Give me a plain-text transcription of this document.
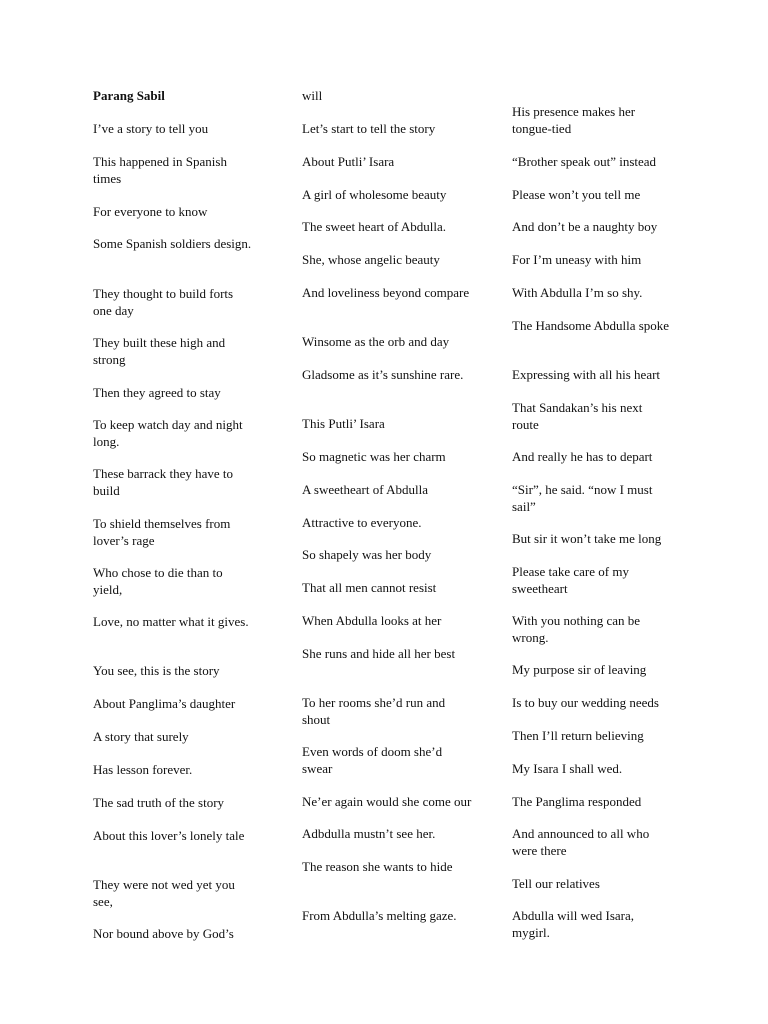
Parang Sabil
I’ve a story to tell you
This happened in Spanish times
For everyone to know
Some Spanish soldiers design.
They thought to build forts one day
They built these high and strong
Then they agreed to stay
To keep watch day and night long.
These barrack they have to build
To shield themselves from lover’s rage
Who chose to die than to yield,
Love, no matter what it gives.
You see, this is the story
About Panglima’s daughter
A story that surely
Has lesson forever.
The sad truth of the story
About this lover’s lonely tale
They were not wed yet you see,
Nor bound above by God’s
will
Let’s start to tell the story
About Putli’ Isara
A girl of wholesome beauty
The sweet heart of Abdulla.
She, whose angelic beauty
And loveliness beyond compare
Winsome as the orb and day
Gladsome as it’s sunshine rare.
This Putli’ Isara
So magnetic was her charm
A sweetheart of Abdulla
Attractive to everyone.
So shapely was her body
That all men cannot resist
When Abdulla looks at her
She runs and hide all her best
To her rooms she’d run and shout
Even words of doom she’d swear
Ne’er again would she come our
Adbdulla mustn’t see her.
The reason she wants to hide
From Abdulla’s melting gaze.
His presence makes her tongue-tied
“Brother speak out” instead
Please won’t you tell me
And don’t be a naughty boy
For I’m uneasy with him
With Abdulla I’m so shy.
The Handsome Abdulla spoke
Expressing with all his heart
That Sandakan’s his next route
And really he has to depart
“Sir”, he said. “now I must sail”
But sir it won’t take me long
Please take care of my sweetheart
With you nothing can be wrong.
My purpose sir of leaving
Is to buy our wedding needs
Then I’ll return believing
My Isara I shall wed.
The Panglima responded
And announced to all who were there
Tell our relatives
Abdulla will wed Isara, mygirl.
